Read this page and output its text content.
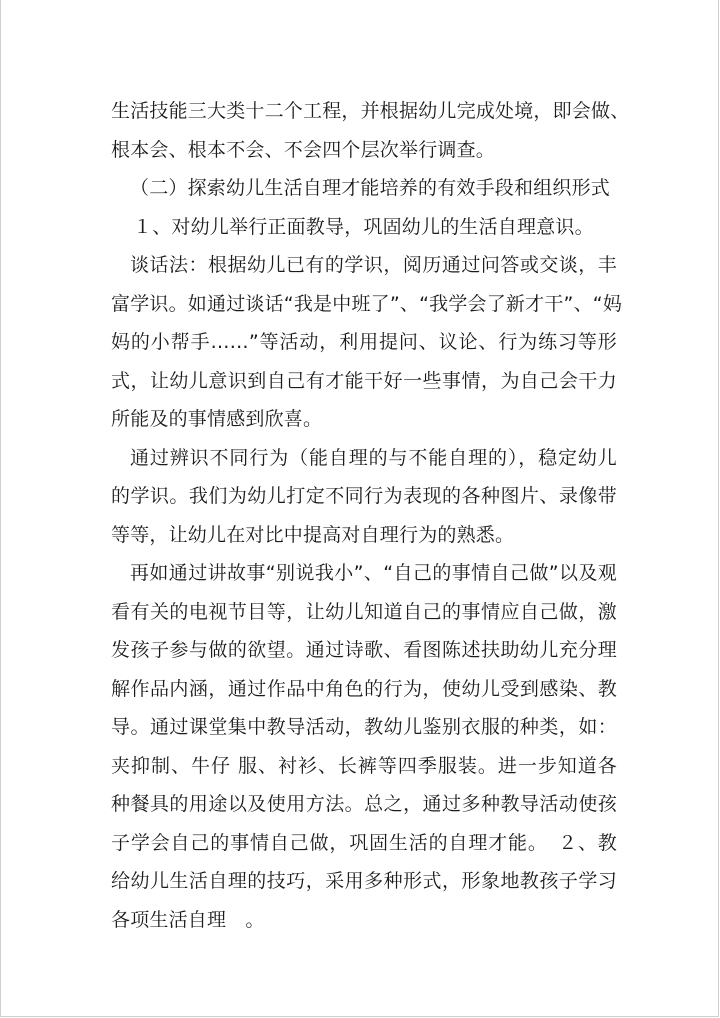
生活技能三大类十二个工程，并根据幼儿完成处境，即会做、
根本会、根本不会、不会四个层次举行调查。
（二）探索幼儿生活自理才能培养的有效手段和组织形式
１、对幼儿举行正面教导，巩固幼儿的生活自理意识。
谈话法：根据幼儿已有的学识，阅历通过问答或交谈，丰
富学识。如通过谈话“我是中班了”、“我学会了新才干”、“妈
妈的小帮手……”等活动，利用提问、议论、行为练习等形
式，让幼儿意识到自己有才能干好一些事情，为自己会干力
所能及的事情感到欣喜。
通过辨识不同行为（能自理的与不能自理的），稳定幼儿
的学识。我们为幼儿打定不同行为表现的各种图片、录像带
等等，让幼儿在对比中提高对自理行为的熟悉。
再如通过讲故事“别说我小”、“自己的事情自己做”以及观
看有关的电视节目等，让幼儿知道自己的事情应自己做，激
发孩子参与做的欲望。通过诗歌、看图陈述扶助幼儿充分理
解作品内涵，通过作品中角色的行为，使幼儿受到感染、教
导。通过课堂集中教导活动，教幼儿鉴别衣服的种类，如：
夹抑制、牛仔 服、衬衫、长裤等四季服装。进一步知道各
种餐具的用途以及使用方法。总之，通过多种教导活动使孩
子学会自己的事情自己做，巩固生活的自理才能。　２、教
给幼儿生活自理的技巧，采用多种形式，形象地教孩子学习
各项生活自理　。
